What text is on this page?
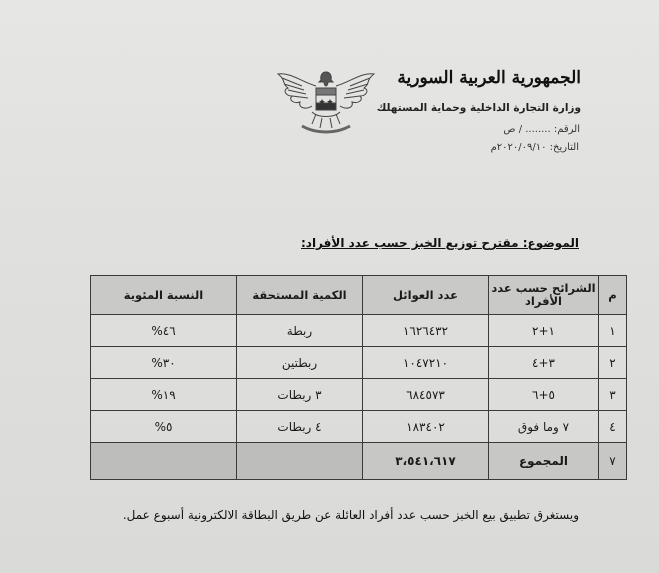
الجمهورية العربية السورية
وزارة التجارة الداخلية وحماية المستهلك
الرقم: ........ / ص
التاريخ: ٢٠٢٠/٠٩/١٠م
الموضوع: مقترح توزيع الخبز حسب عدد الأفراد:
م	الشرائح حسب عدد الأفراد	عدد العوائل	الكمية المستحقة	النسبة المئوية
١	١+٢	١٦٢٦٤٣٢	ربطة	٤٦%
٢	٣+٤	١٠٤٧٢١٠	ربطتين	٣٠%
٣	٥+٦	٦٨٤٥٧٣	٣ ربطات	١٩%
٤	٧ وما فوق	١٨٣٤٠٢	٤ ربطات	٥%
٧	المجموع	٣،٥٤١،٦١٧		
ويستغرق تطبيق بيع الخبز حسب عدد أفراد العائلة عن طريق البطاقة الالكترونية أسبوع عمل.
